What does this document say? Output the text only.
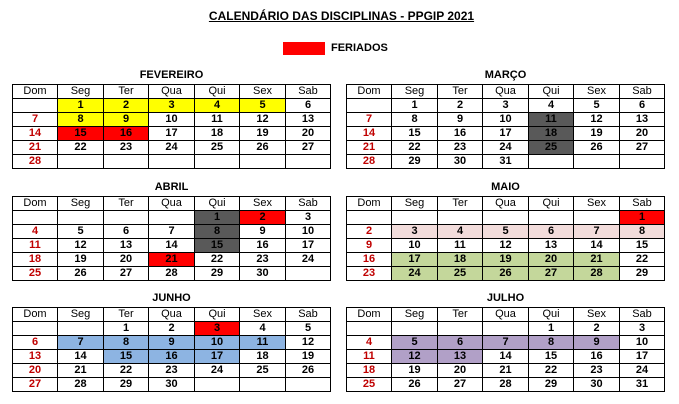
CALENDÁRIO DAS DISCIPLINAS - PPGIP 2021
FERIADOS
FEVEREIRO
Dom	Seg	Ter	Qua	Qui	Sex	Sab
	1	2	3	4	5	6
7	8	9	10	11	12	13
14	15	16	17	18	19	20
21	22	23	24	25	26	27
28						
MARÇO
Dom	Seg	Ter	Qua	Qui	Sex	Sab
	1	2	3	4	5	6
7	8	9	10	11	12	13
14	15	16	17	18	19	20
21	22	23	24	25	26	27
28	29	30	31			
ABRIL
Dom	Seg	Ter	Qua	Qui	Sex	Sab
				1	2	3
4	5	6	7	8	9	10
11	12	13	14	15	16	17
18	19	20	21	22	23	24
25	26	27	28	29	30	
MAIO
Dom	Seg	Ter	Qua	Qui	Sex	Sab
						1
2	3	4	5	6	7	8
9	10	11	12	13	14	15
16	17	18	19	20	21	22
23	24	25	26	27	28	29
JUNHO
Dom	Seg	Ter	Qua	Qui	Sex	Sab
		1	2	3	4	5
6	7	8	9	10	11	12
13	14	15	16	17	18	19
20	21	22	23	24	25	26
27	28	29	30			
JULHO
Dom	Seg	Ter	Qua	Qui	Sex	Sab
				1	2	3
4	5	6	7	8	9	10
11	12	13	14	15	16	17
18	19	20	21	22	23	24
25	26	27	28	29	30	31
